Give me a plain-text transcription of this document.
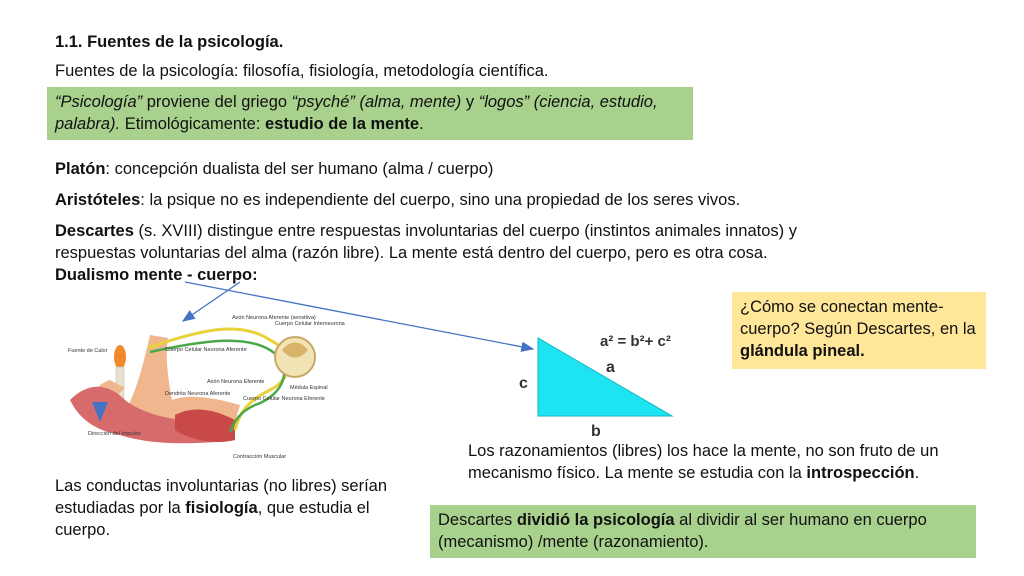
1.1. Fuentes de la psicología.
Fuentes de la psicología: filosofía, fisiología, metodología científica.
“Psicología” proviene del griego “psyché” (alma, mente) y “logos” (ciencia, estudio, palabra). Etimológicamente: estudio de la mente.
Platón: concepción dualista del ser humano (alma / cuerpo)
Aristóteles: la psique no es independiente del cuerpo, sino una propiedad de los seres vivos.
Descartes (s. XVIII) distingue entre respuestas involuntarias del cuerpo (instintos animales innatos) y respuestas voluntarias del alma (razón libre). La mente está dentro del cuerpo, pero es otra cosa.
Dualismo mente - cuerpo:
¿Cómo se conectan mente-cuerpo? Según Descartes, en la glándula pineal.
Los razonamientos (libres) los hace la mente, no son fruto de un mecanismo físico. La mente se estudia con la introspección.
Las conductas involuntarias (no libres) serían estudiadas por la fisiología, que estudia el cuerpo.
Descartes dividió la psicología al dividir al ser humano en cuerpo (mecanismo) /mente (razonamiento).
Fuente de Calor
Axón Neurona Aferente (sensitiva)
Cuerpo Celular Neurona Aferente
Cuerpo Celular Interneurona
Dendrita Neurona Aferente
Axón Neurona Eferente
Médula Espinal
Cuerpo Celular Neurona Eferente
Dirección del Impulso
Contracción Muscular
a² = b²+ c²
a
c
b
